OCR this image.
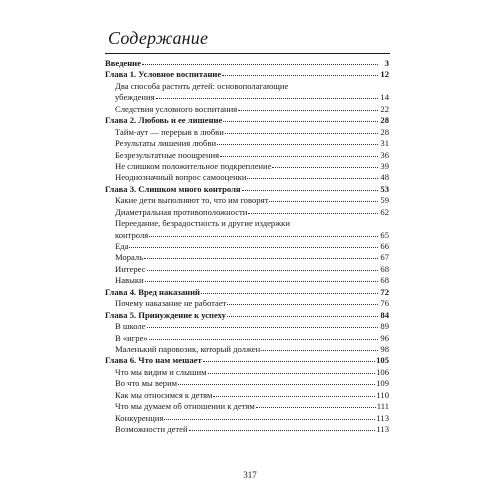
Содержание
Введение	3
Глава 1. Условное воспитание	12
Два способа растить детей: основополагающие
убеждения	14
Следствия условного воспитания	22
Глава 2. Любовь и ее лишение	28
Тайм-аут — перерыв в любви	28
Результаты лишения любви	31
Безрезультатные поощрения	36
Не слишком положительное подкрепление	39
Неоднозначный вопрос самооценки	48
Глава 3. Слишком много контроля	53
Какие дети выполняют то, что им говорят	59
Диаметральная противоположности	62
Переедание, безрадостность и другие издержки
контроля	65
Еда	66
Мораль	67
Интерес	68
Навыки	68
Глава 4. Вред наказаний	72
Почему наказание не работает	76
Глава 5. Принуждение к успеху	84
В школе	89
В «игре»	96
Маленький паровозик, который должен	98
Глава 6. Что нам мешает	105
Что мы видим и слышим	106
Во что мы верим	109
Как мы относимся к детям	110
Что мы думаем об отношении к детям	111
Конкуренция	113
Возможности детей	113
317
